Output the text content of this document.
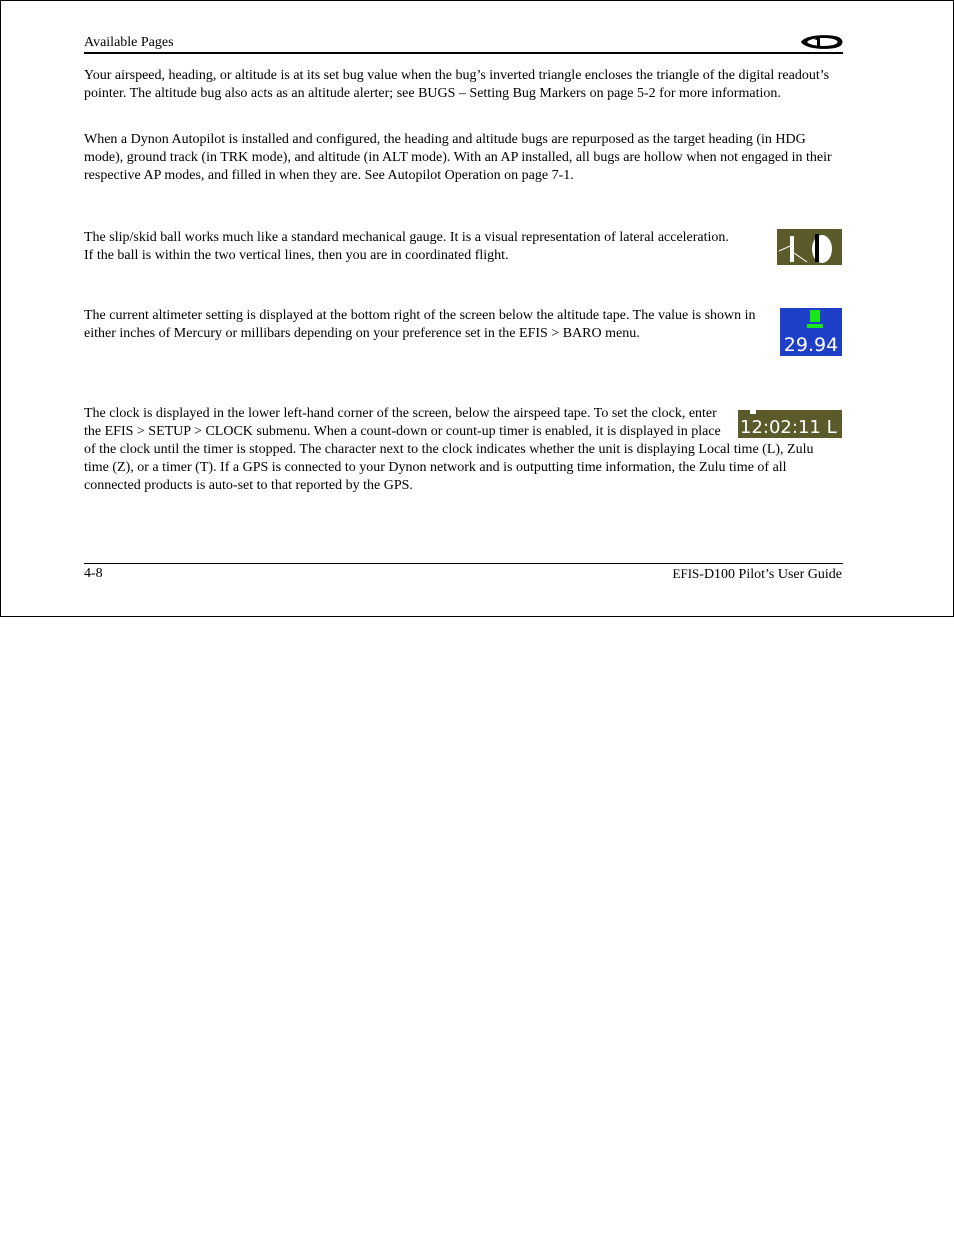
Available Pages

Your airspeed, heading, or altitude is at its set bug value when the bug’s inverted triangle encloses the triangle of the digital readout’s pointer. The altitude bug also acts as an altitude alerter; see BUGS – Setting Bug Markers on page 5-2 for more information.

When a Dynon Autopilot is installed and configured, the heading and altitude bugs are repurposed as the target heading (in HDG mode), ground track (in TRK mode), and altitude (in ALT mode). With an AP installed, all bugs are hollow when not engaged in their respective AP modes, and filled in when they are. See Autopilot Operation on page 7-1.

The slip/skid ball works much like a standard mechanical gauge. It is a visual representation of lateral acceleration. If the ball is within the two vertical lines, then you are in coordinated flight.

The current altimeter setting is displayed at the bottom right of the screen below the altitude tape. The value is shown in either inches of Mercury or millibars depending on your preference set in the EFIS > BARO menu.

The clock is displayed in the lower left-hand corner of the screen, below the airspeed tape. To set the clock, enter the EFIS > SETUP > CLOCK submenu. When a count-down or count-up timer is enabled, it is displayed in place of the clock until the timer is stopped. The character next to the clock indicates whether the unit is displaying Local time (L), Zulu time (Z), or a timer (T). If a GPS is connected to your Dynon network and is outputting time information, the Zulu time of all connected products is auto-set to that reported by the GPS.

29.94
12:02:11 L
4-8	EFIS-D100 Pilot’s User Guide
